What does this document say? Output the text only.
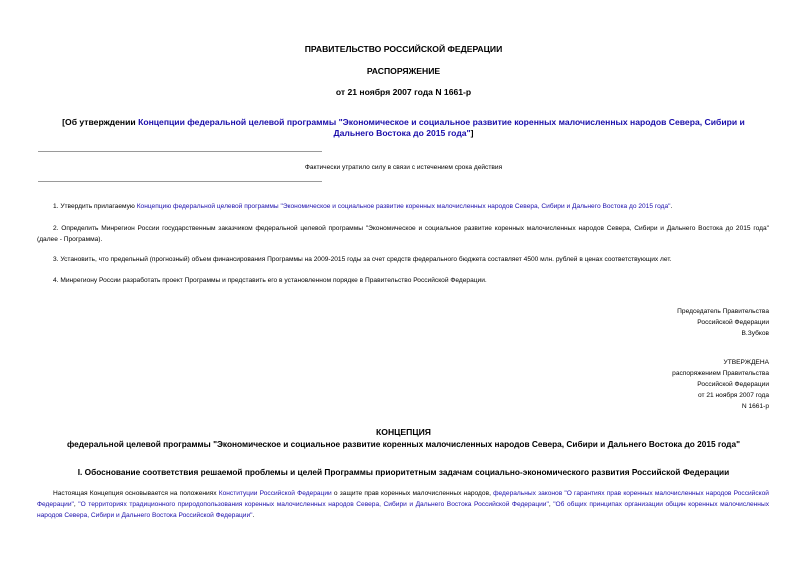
ПРАВИТЕЛЬСТВО РОССИЙСКОЙ ФЕДЕРАЦИИ
РАСПОРЯЖЕНИЕ
от 21 ноября 2007 года N 1661-р
[Об утверждении Концепции федеральной целевой программы "Экономическое и социальное развитие коренных малочисленных народов Севера, Сибири и
Дальнего Востока до 2015 года"]
Фактически утратило силу в связи с истечением срока действия
1. Утвердить прилагаемую Концепцию федеральной целевой программы "Экономическое и социальное развитие коренных малочисленных народов Севера, Сибири и Дальнего Востока до 2015 года".
2. Определить Минрегион России государственным заказчиком федеральной целевой программы "Экономическое и социальное развитие коренных малочисленных народов Севера, Сибири и Дальнего Востока до 2015 года" (далее - Программа).
3. Установить, что предельный (прогнозный) объем финансирования Программы на 2009-2015 годы за счет средств федерального бюджета составляет 4500 млн. рублей в ценах соответствующих лет.
4. Минрегиону России разработать проект Программы и представить его в установленном порядке в Правительство Российской Федерации.
Председатель Правительства
Российской Федерации
В.Зубков
УТВЕРЖДЕНА
распоряжением Правительства
Российской Федерации
от 21 ноября 2007 года
N 1661-р
КОНЦЕПЦИЯ
федеральной целевой программы "Экономическое и социальное развитие коренных малочисленных народов Севера, Сибири и Дальнего Востока до 2015 года"
I. Обоснование соответствия решаемой проблемы и целей Программы приоритетным задачам социально-экономического развития Российской Федерации
Настоящая Концепция основывается на положениях Конституции Российской Федерации о защите прав коренных малочисленных народов, федеральных законов "О гарантиях прав коренных малочисленных народов Российской Федерации", "О территориях традиционного природопользования коренных малочисленных народов Севера, Сибири и Дальнего Востока Российской Федерации", "Об общих принципах организации общин коренных малочисленных народов Севера, Сибири и Дальнего Востока Российской Федерации".
